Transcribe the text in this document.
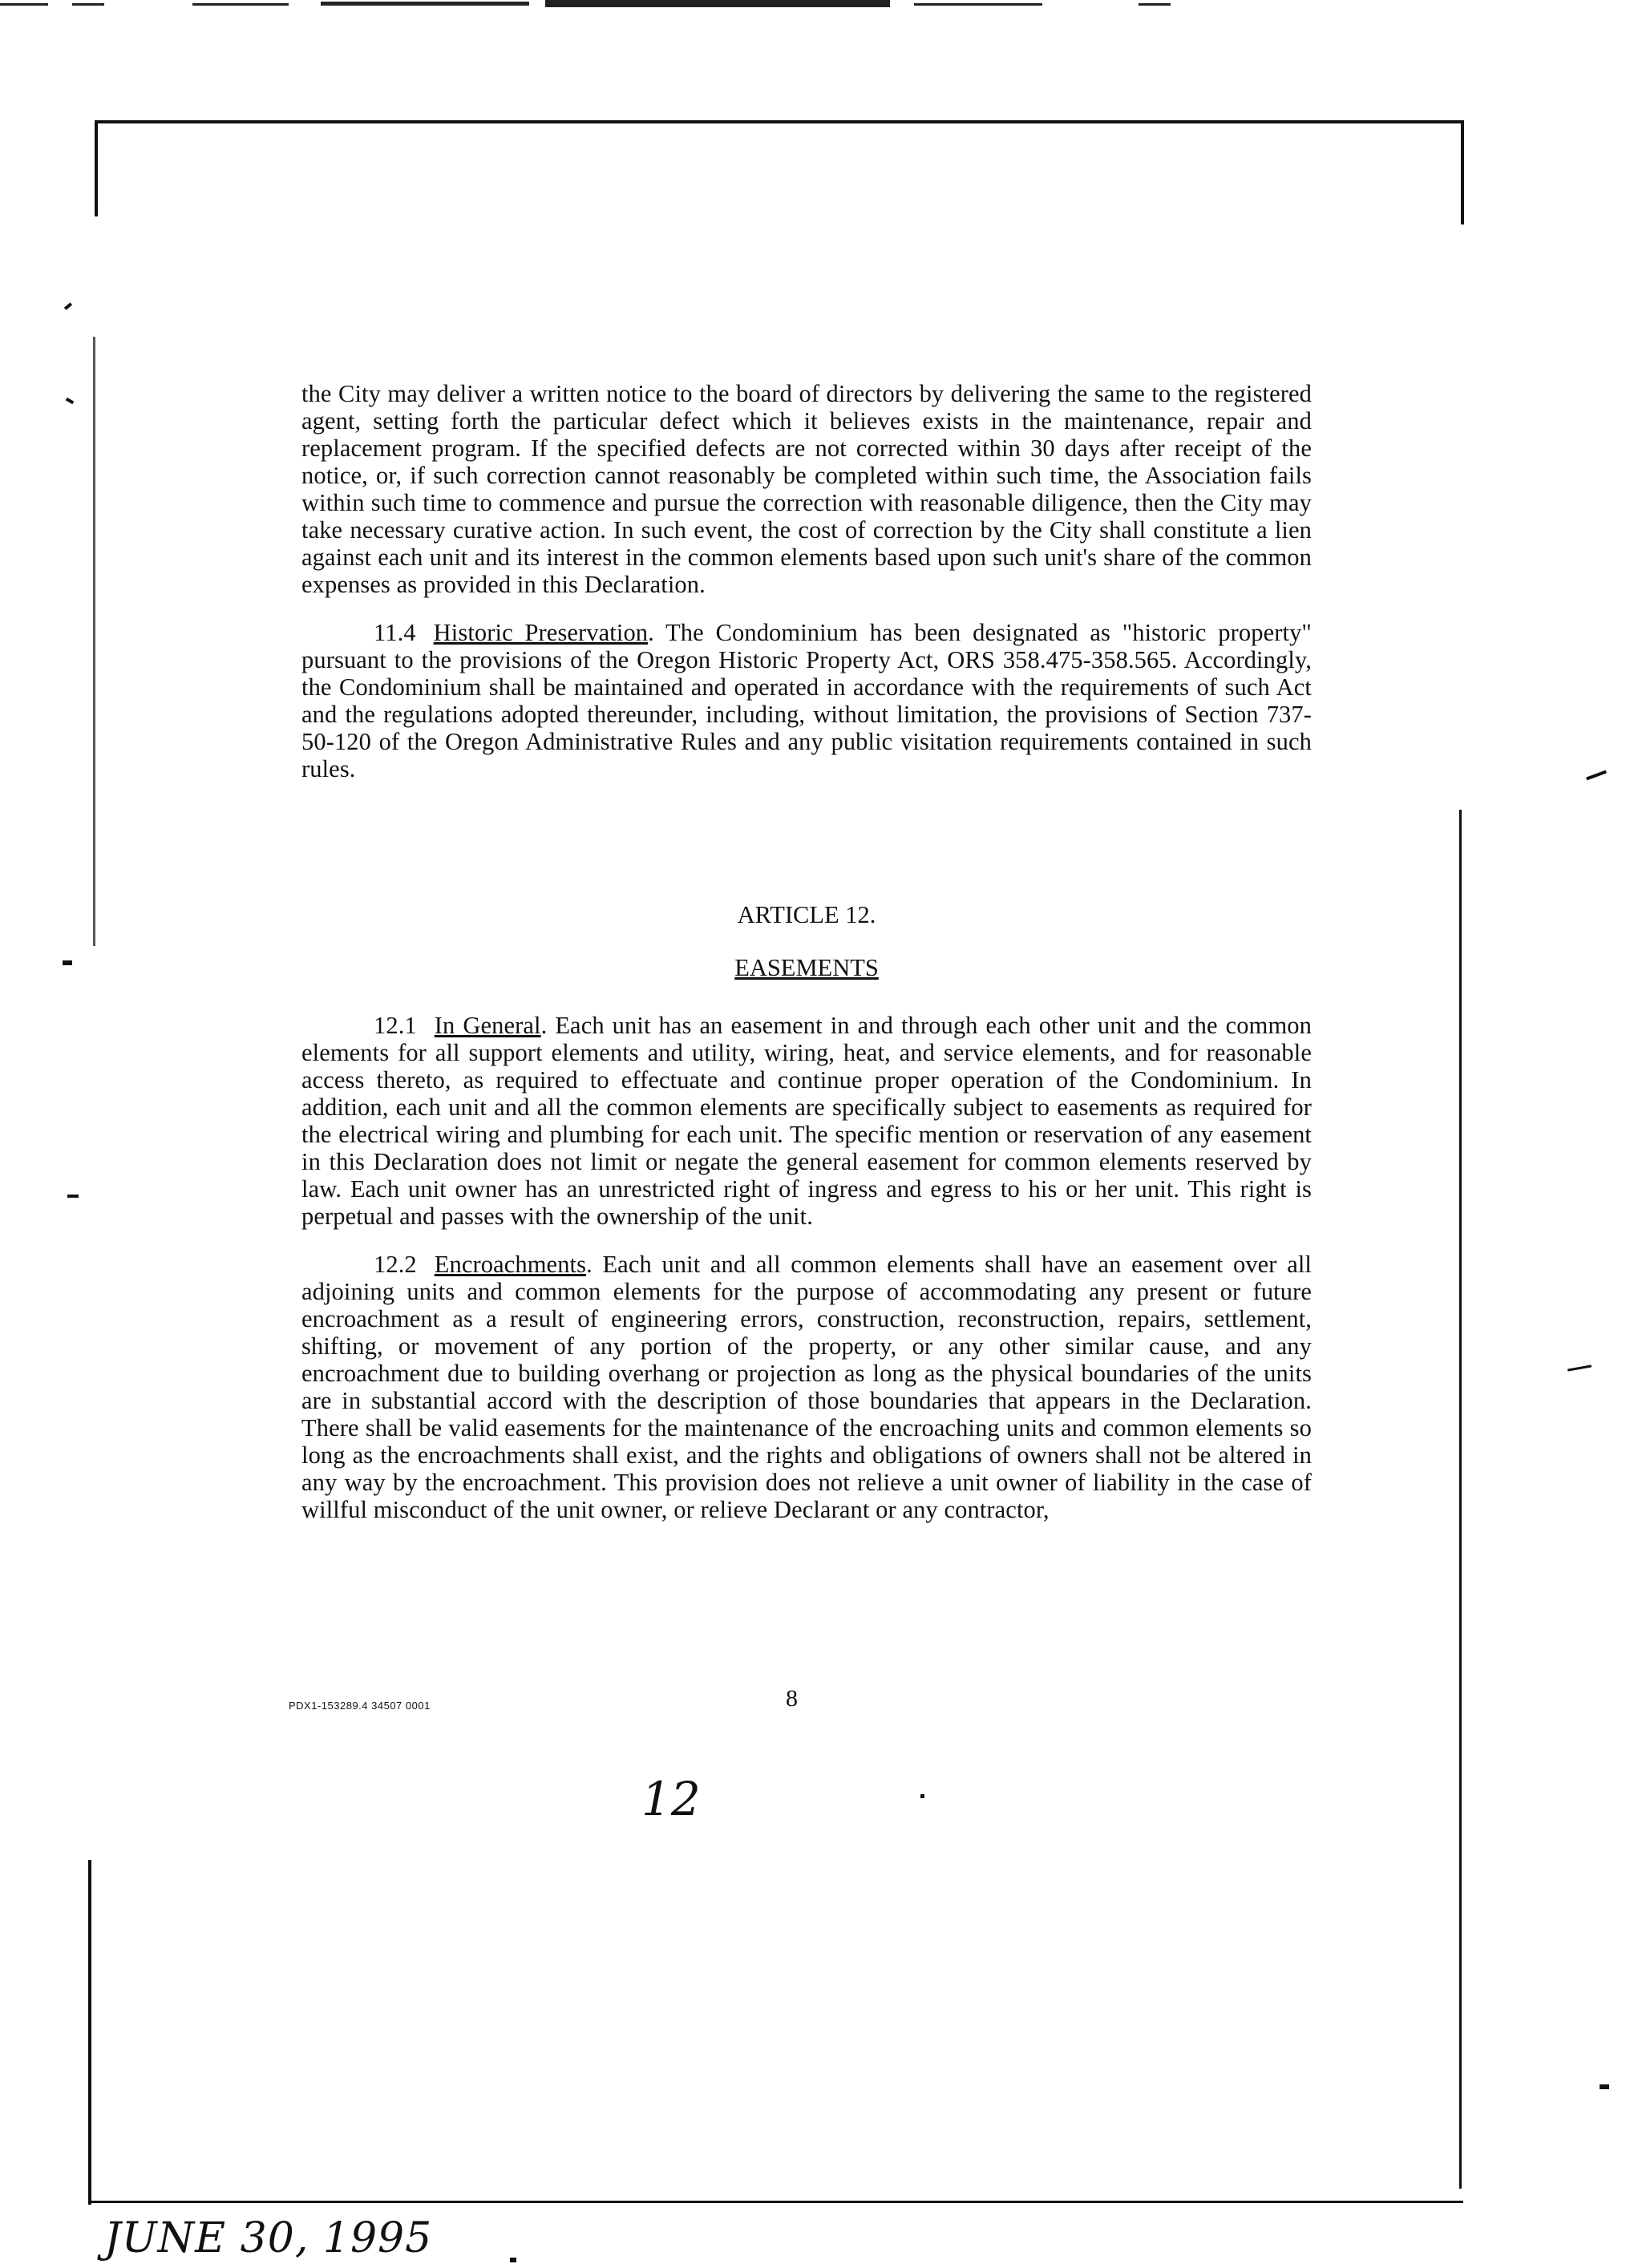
the City may deliver a written notice to the board of directors by delivering the same to the registered agent, setting forth the particular defect which it believes exists in the maintenance, repair and replacement program. If the specified defects are not corrected within 30 days after receipt of the notice, or, if such correction cannot reasonably be completed within such time, the Association fails within such time to commence and pursue the correction with reasonable diligence, then the City may take necessary curative action. In such event, the cost of correction by the City shall constitute a lien against each unit and its interest in the common elements based upon such unit's share of the common expenses as provided in this Declaration.

11.4 Historic Preservation. The Condominium has been designated as "historic property" pursuant to the provisions of the Oregon Historic Property Act, ORS 358.475-358.565. Accordingly, the Condominium shall be maintained and operated in accordance with the requirements of such Act and the regulations adopted thereunder, including, without limitation, the provisions of Section 737-50-120 of the Oregon Administrative Rules and any public visitation requirements contained in such rules.

ARTICLE 12.
EASEMENTS

12.1 In General. Each unit has an easement in and through each other unit and the common elements for all support elements and utility, wiring, heat, and service elements, and for reasonable access thereto, as required to effectuate and continue proper operation of the Condominium. In addition, each unit and all the common elements are specifically subject to easements as required for the electrical wiring and plumbing for each unit. The specific mention or reservation of any easement in this Declaration does not limit or negate the general easement for common elements reserved by law. Each unit owner has an unrestricted right of ingress and egress to his or her unit. This right is perpetual and passes with the ownership of the unit.

12.2 Encroachments. Each unit and all common elements shall have an easement over all adjoining units and common elements for the purpose of accommodating any present or future encroachment as a result of engineering errors, construction, reconstruction, repairs, settlement, shifting, or movement of any portion of the property, or any other similar cause, and any encroachment due to building overhang or projection as long as the physical boundaries of the units are in substantial accord with the description of those boundaries that appears in the Declaration. There shall be valid easements for the maintenance of the encroaching units and common elements so long as the encroachments shall exist, and the rights and obligations of owners shall not be altered in any way by the encroachment. This provision does not relieve a unit owner of liability in the case of willful misconduct of the unit owner, or relieve Declarant or any contractor,

PDX1-153289.4 34507 0001	8
12
JUNE 30, 1995
